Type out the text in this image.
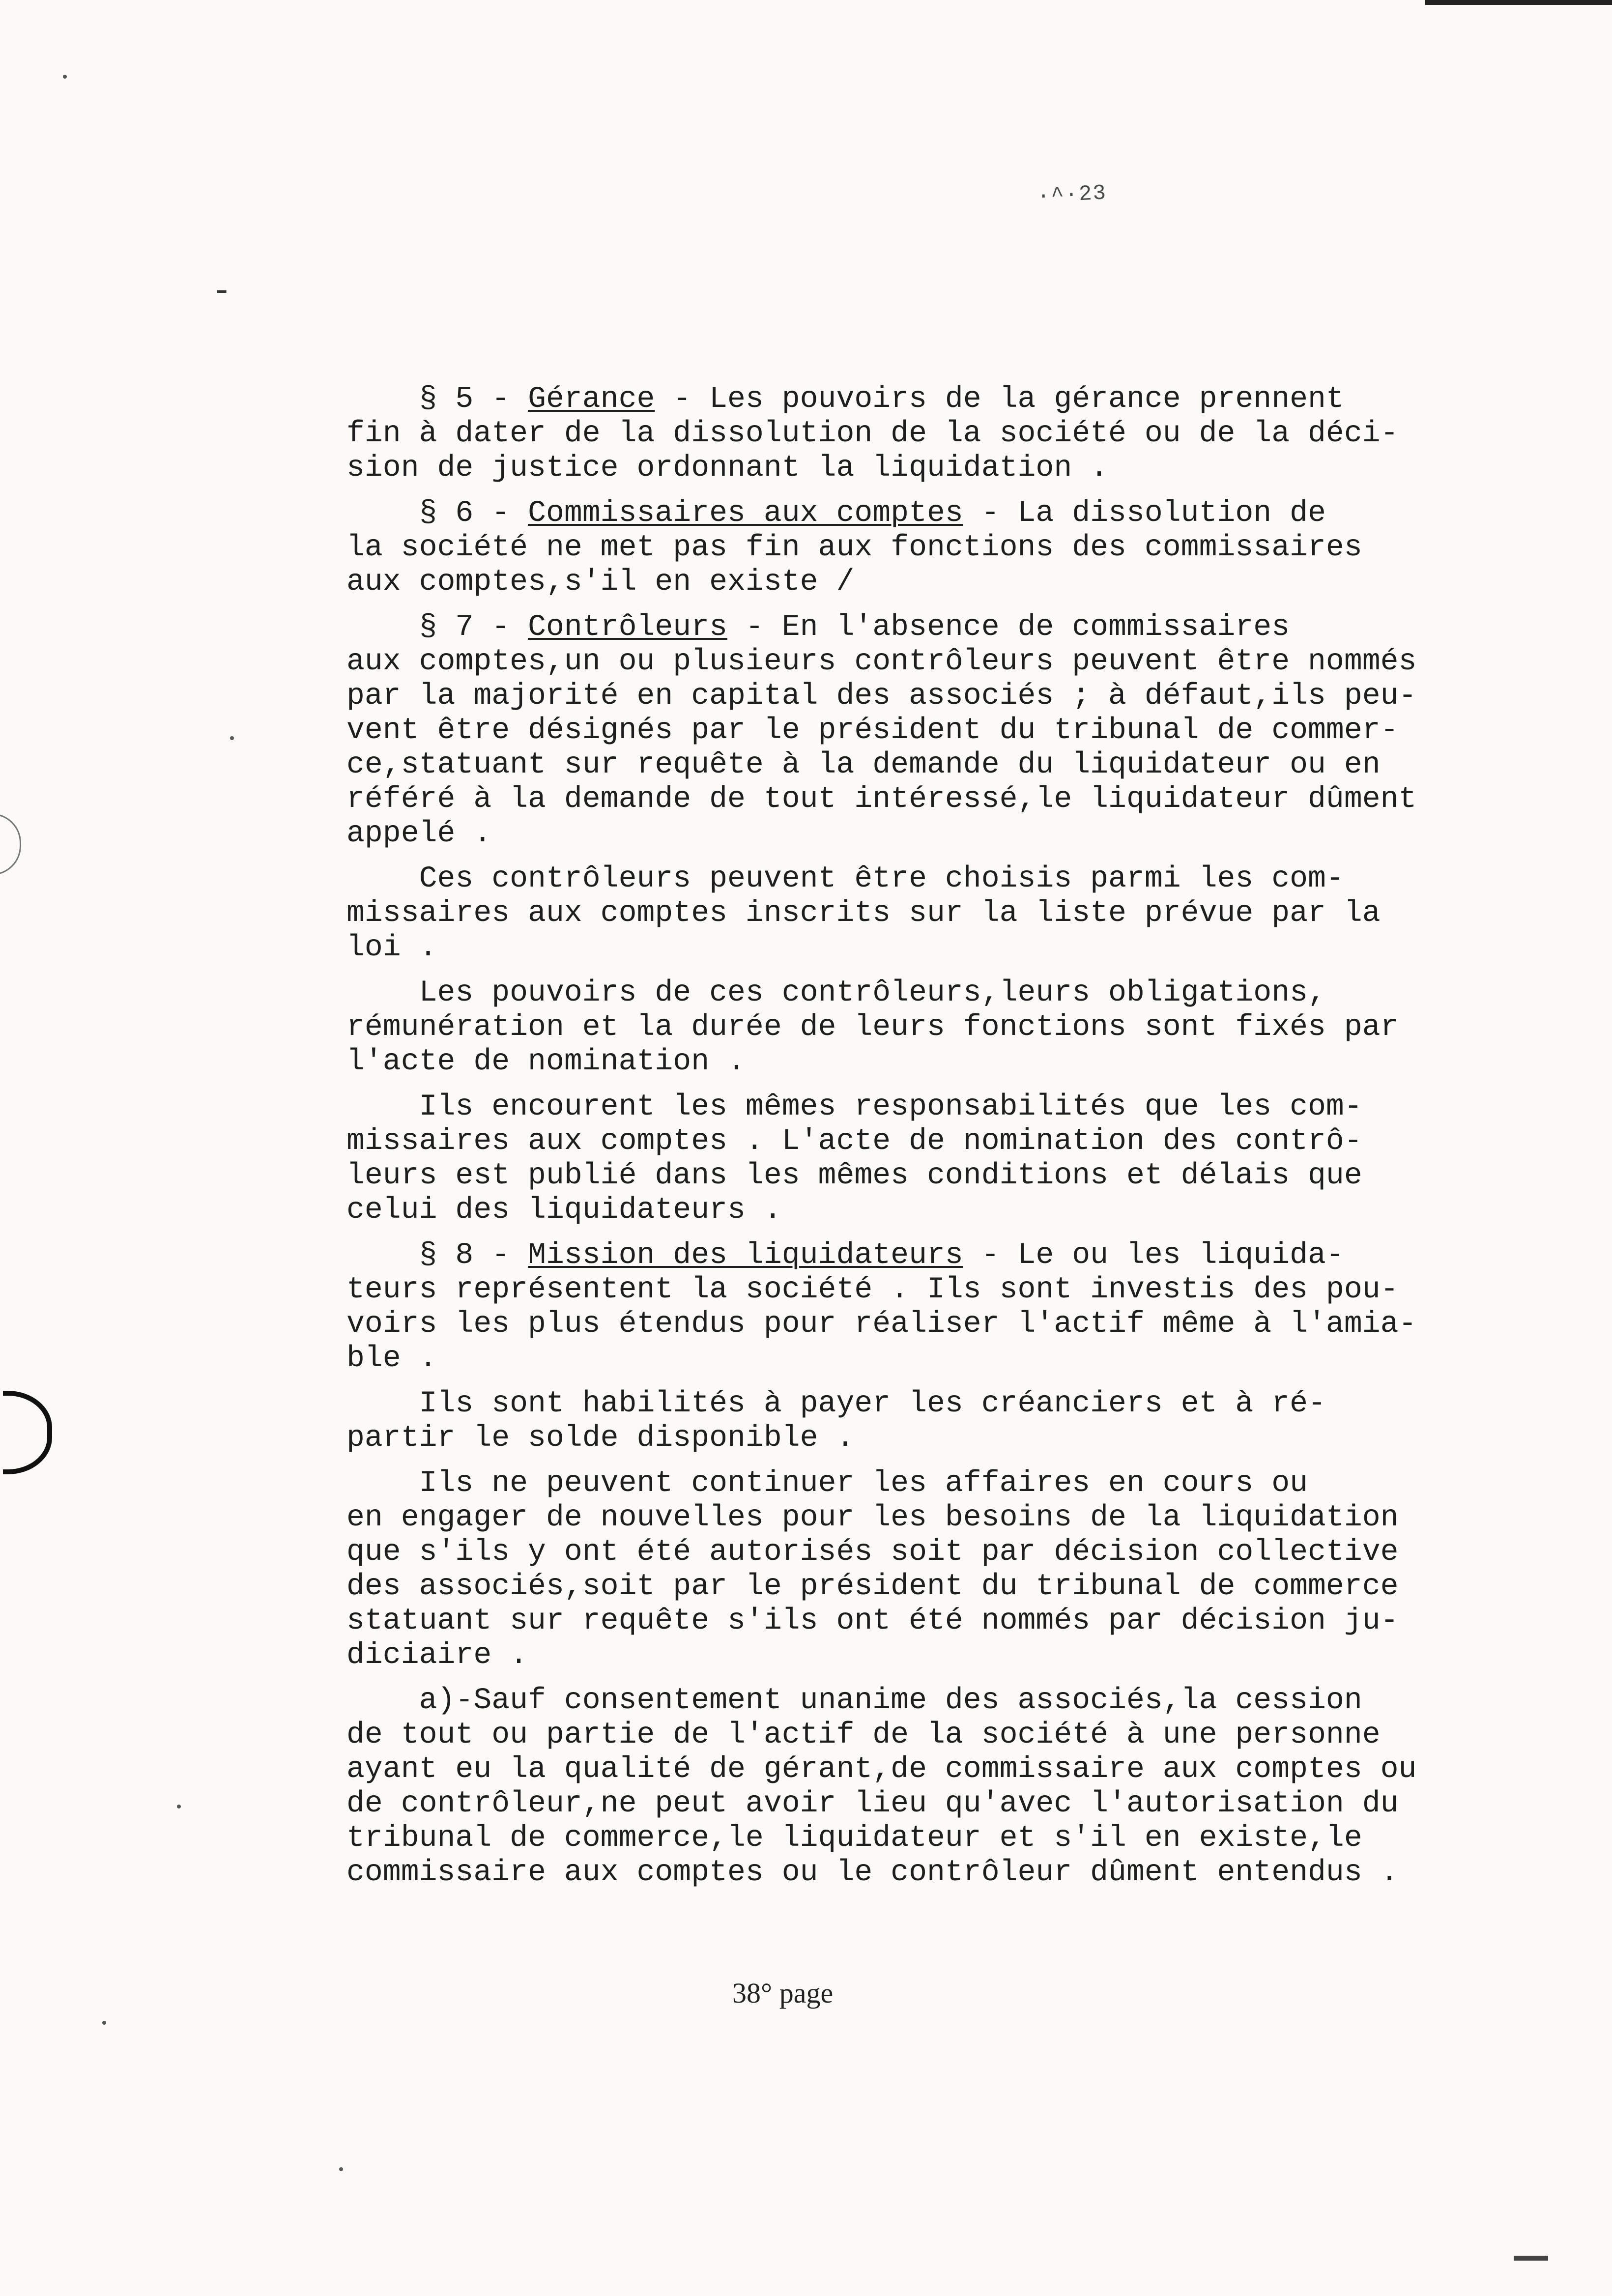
·^·23
-
§ 5 - Gérance - Les pouvoirs de la gérance prennent
fin à dater de la dissolution de la société ou de la déci-
sion de justice ordonnant la liquidation .
§ 6 - Commissaires aux comptes - La dissolution de
la société ne met pas fin aux fonctions des commissaires
aux comptes,s'il en existe /
§ 7 - Contrôleurs - En l'absence de commissaires
aux comptes,un ou plusieurs contrôleurs peuvent être nommés
par la majorité en capital des associés ; à défaut,ils peu-
vent être désignés par le président du tribunal de commer-
ce,statuant sur requête à la demande du liquidateur ou en
référé à la demande de tout intéressé,le liquidateur dûment
appelé .
Ces contrôleurs peuvent être choisis parmi les com-
missaires aux comptes inscrits sur la liste prévue par la
loi .
Les pouvoirs de ces contrôleurs,leurs obligations,
rémunération et la durée de leurs fonctions sont fixés par
l'acte de nomination .
Ils encourent les mêmes responsabilités que les com-
missaires aux comptes . L'acte de nomination des contrô-
leurs est publié dans les mêmes conditions et délais que
celui des liquidateurs .
§ 8 - Mission des liquidateurs - Le ou les liquida-
teurs représentent la société . Ils sont investis des pou-
voirs les plus étendus pour réaliser l'actif même à l'amia-
ble .
Ils sont habilités à payer les créanciers et à ré-
partir le solde disponible .
Ils ne peuvent continuer les affaires en cours ou
en engager de nouvelles pour les besoins de la liquidation
que s'ils y ont été autorisés soit par décision collective
des associés,soit par le président du tribunal de commerce
statuant sur requête s'ils ont été nommés par décision ju-
diciaire .
a)-Sauf consentement unanime des associés,la cession
de tout ou partie de l'actif de la société à une personne
ayant eu la qualité de gérant,de commissaire aux comptes ou
de contrôleur,ne peut avoir lieu qu'avec l'autorisation du
tribunal de commerce,le liquidateur et s'il en existe,le
commissaire aux comptes ou le contrôleur dûment entendus .
38° page
